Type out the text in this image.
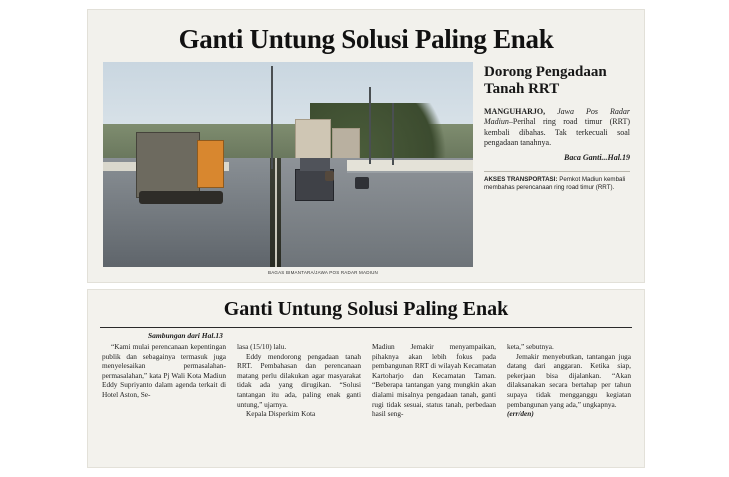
Ganti Untung Solusi Paling Enak
BAGAS BIMANTARA/JAWA POS RADAR MADIUN
Dorong Pengadaan Tanah RRT
MANGUHARJO, Jawa Pos Radar Madiun–Perihal ring road timur (RRT) kembali dibahas. Tak terkecuali soal pengadaan tanahnya.
Baca Ganti...Hal.19
AKSES TRANSPORTASI: Pemkot Madiun kembali membahas perencanaan ring road timur (RRT).
Ganti Untung Solusi Paling Enak
Sambungan dari Hal.13

“Kami mulai perencanaan kepentingan publik dan sebagainya termasuk juga menyelesaikan permasalahan-permasalahan,” kata Pj Wali Kota Madiun Eddy Supriyanto dalam agenda terkait di Hotel Aston, Se-

lasa (15/10) lalu.

Eddy mendorong pengadaan tanah RRT. Pembahasan dan perencanaan matang perlu dilakukan agar masyarakat tidak ada yang dirugikan. “Solusi tantangan itu ada, paling enak ganti untung,” ujarnya.

Kepala Disperkim Kota

Madiun Jemakir menyampaikan, pihaknya akan lebih fokus pada pembangunan RRT di wilayah Kecamatan Kartoharjo dan Kecamatan Taman. “Beberapa tantangan yang mungkin akan dialami misalnya pengadaan tanah, ganti rugi tidak sesuai, status tanah, perbedaan hasil seng-

keta,” sebutnya.

Jemakir menyebutkan, tantangan juga datang dari anggaran. Ketika siap, pekerjaan bisa dijalankan. “Akan dilaksanakan secara bertahap per tahun supaya tidak mengganggu kegiatan pembangunan yang ada,” ungkapnya.

(err/den)
